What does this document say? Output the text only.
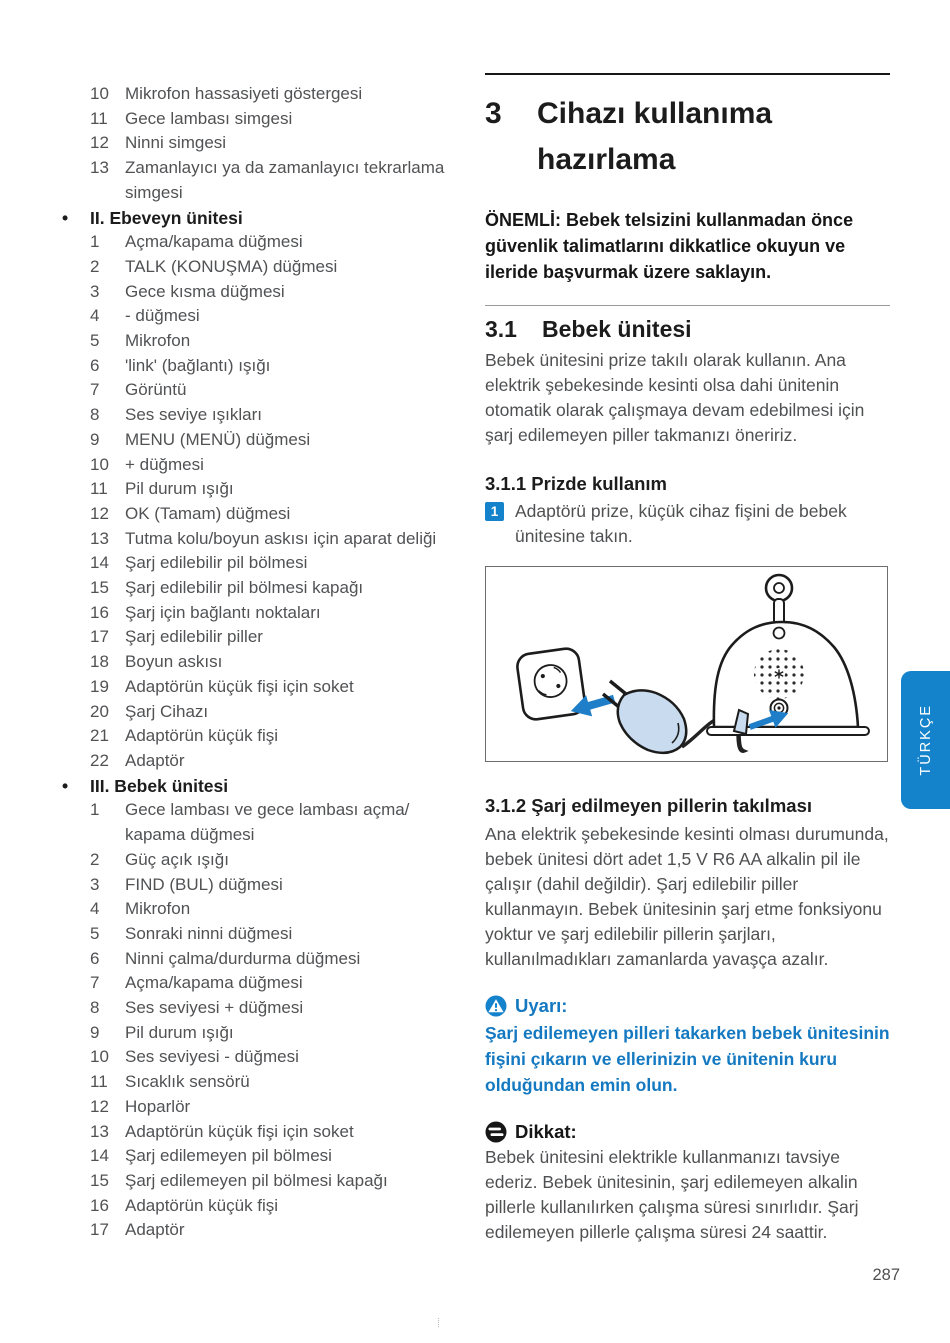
10 Mikrofon hassasiyeti göstergesi
11	Gece lambası simgesi
12 Ninni simgesi
13 Zamanlayıcı ya da zamanlayıcı tekrarlama simgesi
• II. Ebeveyn ünitesi
1	Açma/kapama düğmesi
2	TALK (KONUŞMA) düğmesi
3	Gece kısma düğmesi
4	- düğmesi
5	Mikrofon
6	'link' (bağlantı) ışığı
7	Görüntü
8	Ses seviye ışıkları
9	MENU (MENÜ) düğmesi
10 + düğmesi
11	Pil durum ışığı
12 OK (Tamam) düğmesi
13 Tutma kolu/boyun askısı için aparat deliği
14 Şarj edilebilir pil bölmesi
15 Şarj edilebilir pil bölmesi kapağı
16 Şarj için bağlantı noktaları
17 Şarj edilebilir piller
18 Boyun askısı
19 Adaptörün küçük fişi için soket
20 Şarj Cihazı
21 Adaptörün küçük fişi
22 Adaptör
• III. Bebek ünitesi
1	Gece lambası ve gece lambası açma/ kapama düğmesi
2	Güç açık ışığı
3	FIND (BUL) düğmesi
4	Mikrofon
5	Sonraki ninni düğmesi
6	Ninni çalma/durdurma düğmesi
7	Açma/kapama düğmesi
8	Ses seviyesi + düğmesi
9	Pil durum ışığı
10 Ses seviyesi - düğmesi
11	Sıcaklık sensörü
12 Hoparlör
13 Adaptörün küçük fişi için soket
14 Şarj edilemeyen pil bölmesi
15 Şarj edilemeyen pil bölmesi kapağı
16 Adaptörün küçük fişi
17 Adaptör
3	Cihazı kullanıma
hazırlama

ÖNEMLİ: Bebek telsizini kullanmadan önce güvenlik talimatlarını dikkatlice okuyun ve ileride başvurmak üzere saklayın.

3.1	Bebek ünitesi

Bebek ünitesini prize takılı olarak kullanın. Ana elektrik şebekesinde kesinti olsa dahi ünitenin otomatik olarak çalışmaya devam edebilmesi için şarj edilemeyen piller takmanızı öneririz.

3.1.1 Prizde kullanım
1 Adaptörü prize, küçük cihaz fişini de bebek ünitesine takın.
3.1.2 Şarj edilmeyen pillerin takılması

Ana elektrik şebekesinde kesinti olması durumunda, bebek ünitesi dört adet 1,5 V R6 AA alkalin pil ile çalışır (dahil değildir). Şarj edilebilir piller kullanmayın. Bebek ünitesinin şarj etme fonksiyonu yoktur ve şarj edilebilir pillerin şarjları, kullanılmadıkları zamanlarda yavaşça azalır.

Uyarı:

Şarj edilemeyen pilleri takarken bebek ünitesinin fişini çıkarın ve ellerinizin ve ünitenin kuru olduğundan emin olun.

Dikkat:

Bebek ünitesini elektrikle kullanmanızı tavsiye ederiz. Bebek ünitesinin, şarj edilemeyen alkalin pillerle kullanılırken çalışma süresi sınırlıdır. Şarj edilemeyen pillerle çalışma süresi 24 saattir.

TÜRKÇE
287
